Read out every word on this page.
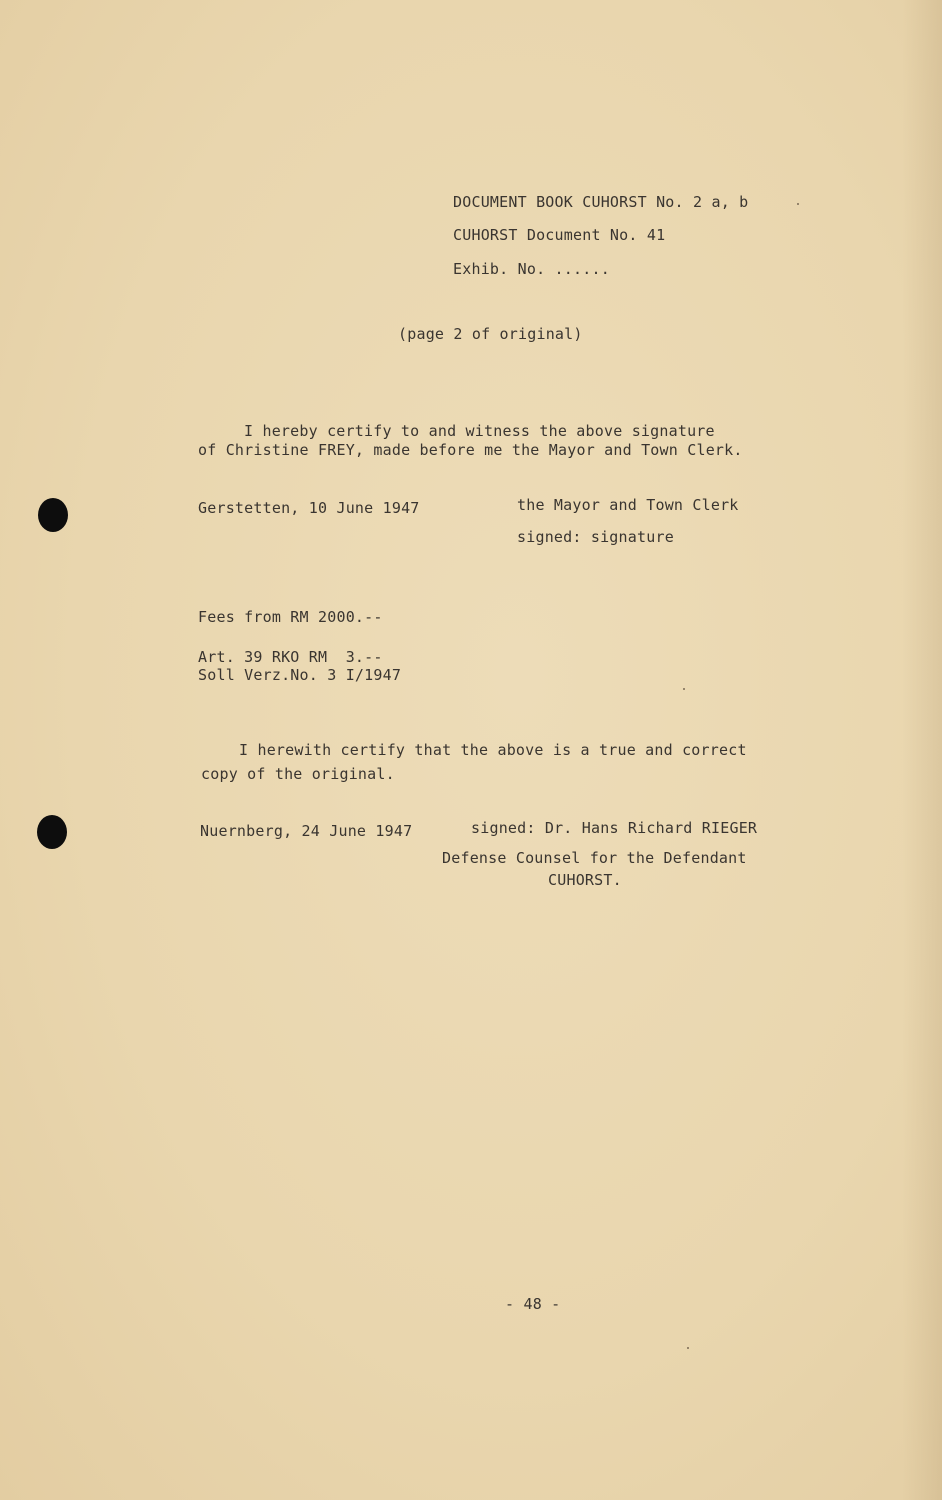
DOCUMENT BOOK CUHORST No. 2 a, b
CUHORST Document No. 41
Exhib. No. ......
(page 2 of original)
I hereby certify to and witness the above signature
of Christine FREY, made before me the Mayor and Town Clerk.
Gerstetten, 10 June 1947	the Mayor and Town Clerk
signed: signature
Fees from RM 2000.--
Art. 39 RKO RM  3.--
Soll Verz.No. 3 I/1947
I herewith certify that the above is a true and correct
copy of the original.
Nuernberg, 24 June 1947	signed: Dr. Hans Richard RIEGER
Defense Counsel for the Defendant
CUHORST.
- 48 -
